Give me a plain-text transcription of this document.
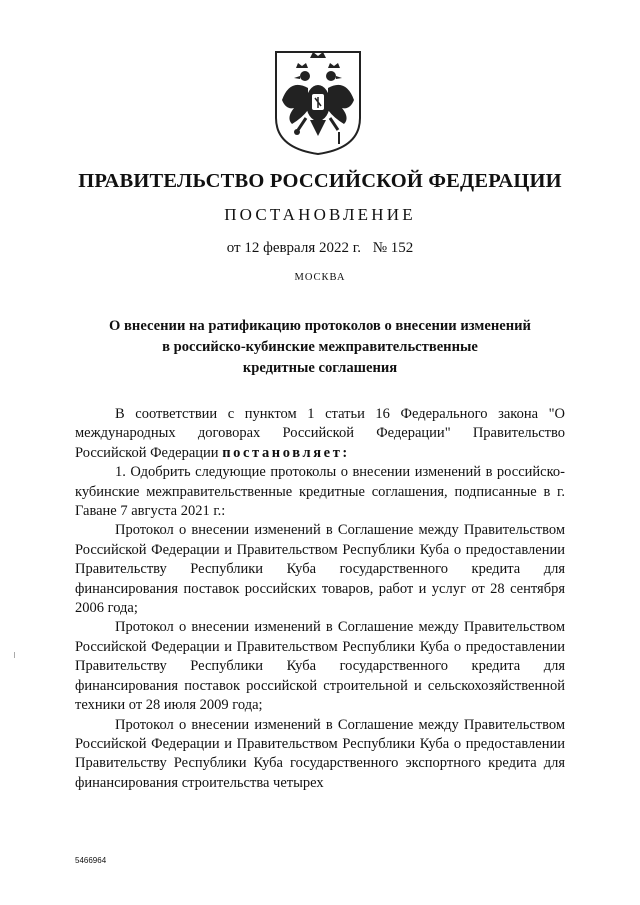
ПРАВИТЕЛЬСТВО РОССИЙСКОЙ ФЕДЕРАЦИИ
ПОСТАНОВЛЕНИЕ
от 12 февраля 2022 г. № 152
МОСКВА
О внесении на ратификацию протоколов о внесении изменений
в российско-кубинские межправительственные
кредитные соглашения

В соответствии с пунктом 1 статьи 16 Федерального закона "О международных договорах Российской Федерации" Правительство Российской Федерации постановляет:

1. Одобрить следующие протоколы о внесении изменений в российско-кубинские межправительственные кредитные соглашения, подписанные в г. Гаване 7 августа 2021 г.:

Протокол о внесении изменений в Соглашение между Правительством Российской Федерации и Правительством Республики Куба о предоставлении Правительству Республики Куба государственного кредита для финансирования поставок российских товаров, работ и услуг от 28 сентября 2006 года;

Протокол о внесении изменений в Соглашение между Правительством Российской Федерации и Правительством Республики Куба о предоставлении Правительству Республики Куба государственного кредита для финансирования поставок российской строительной и сельскохозяйственной техники от 28 июля 2009 года;

Протокол о внесении изменений в Соглашение между Правительством Российской Федерации и Правительством Республики Куба о предоставлении Правительству Республики Куба государственного экспортного кредита для финансирования строительства четырех

5466964
